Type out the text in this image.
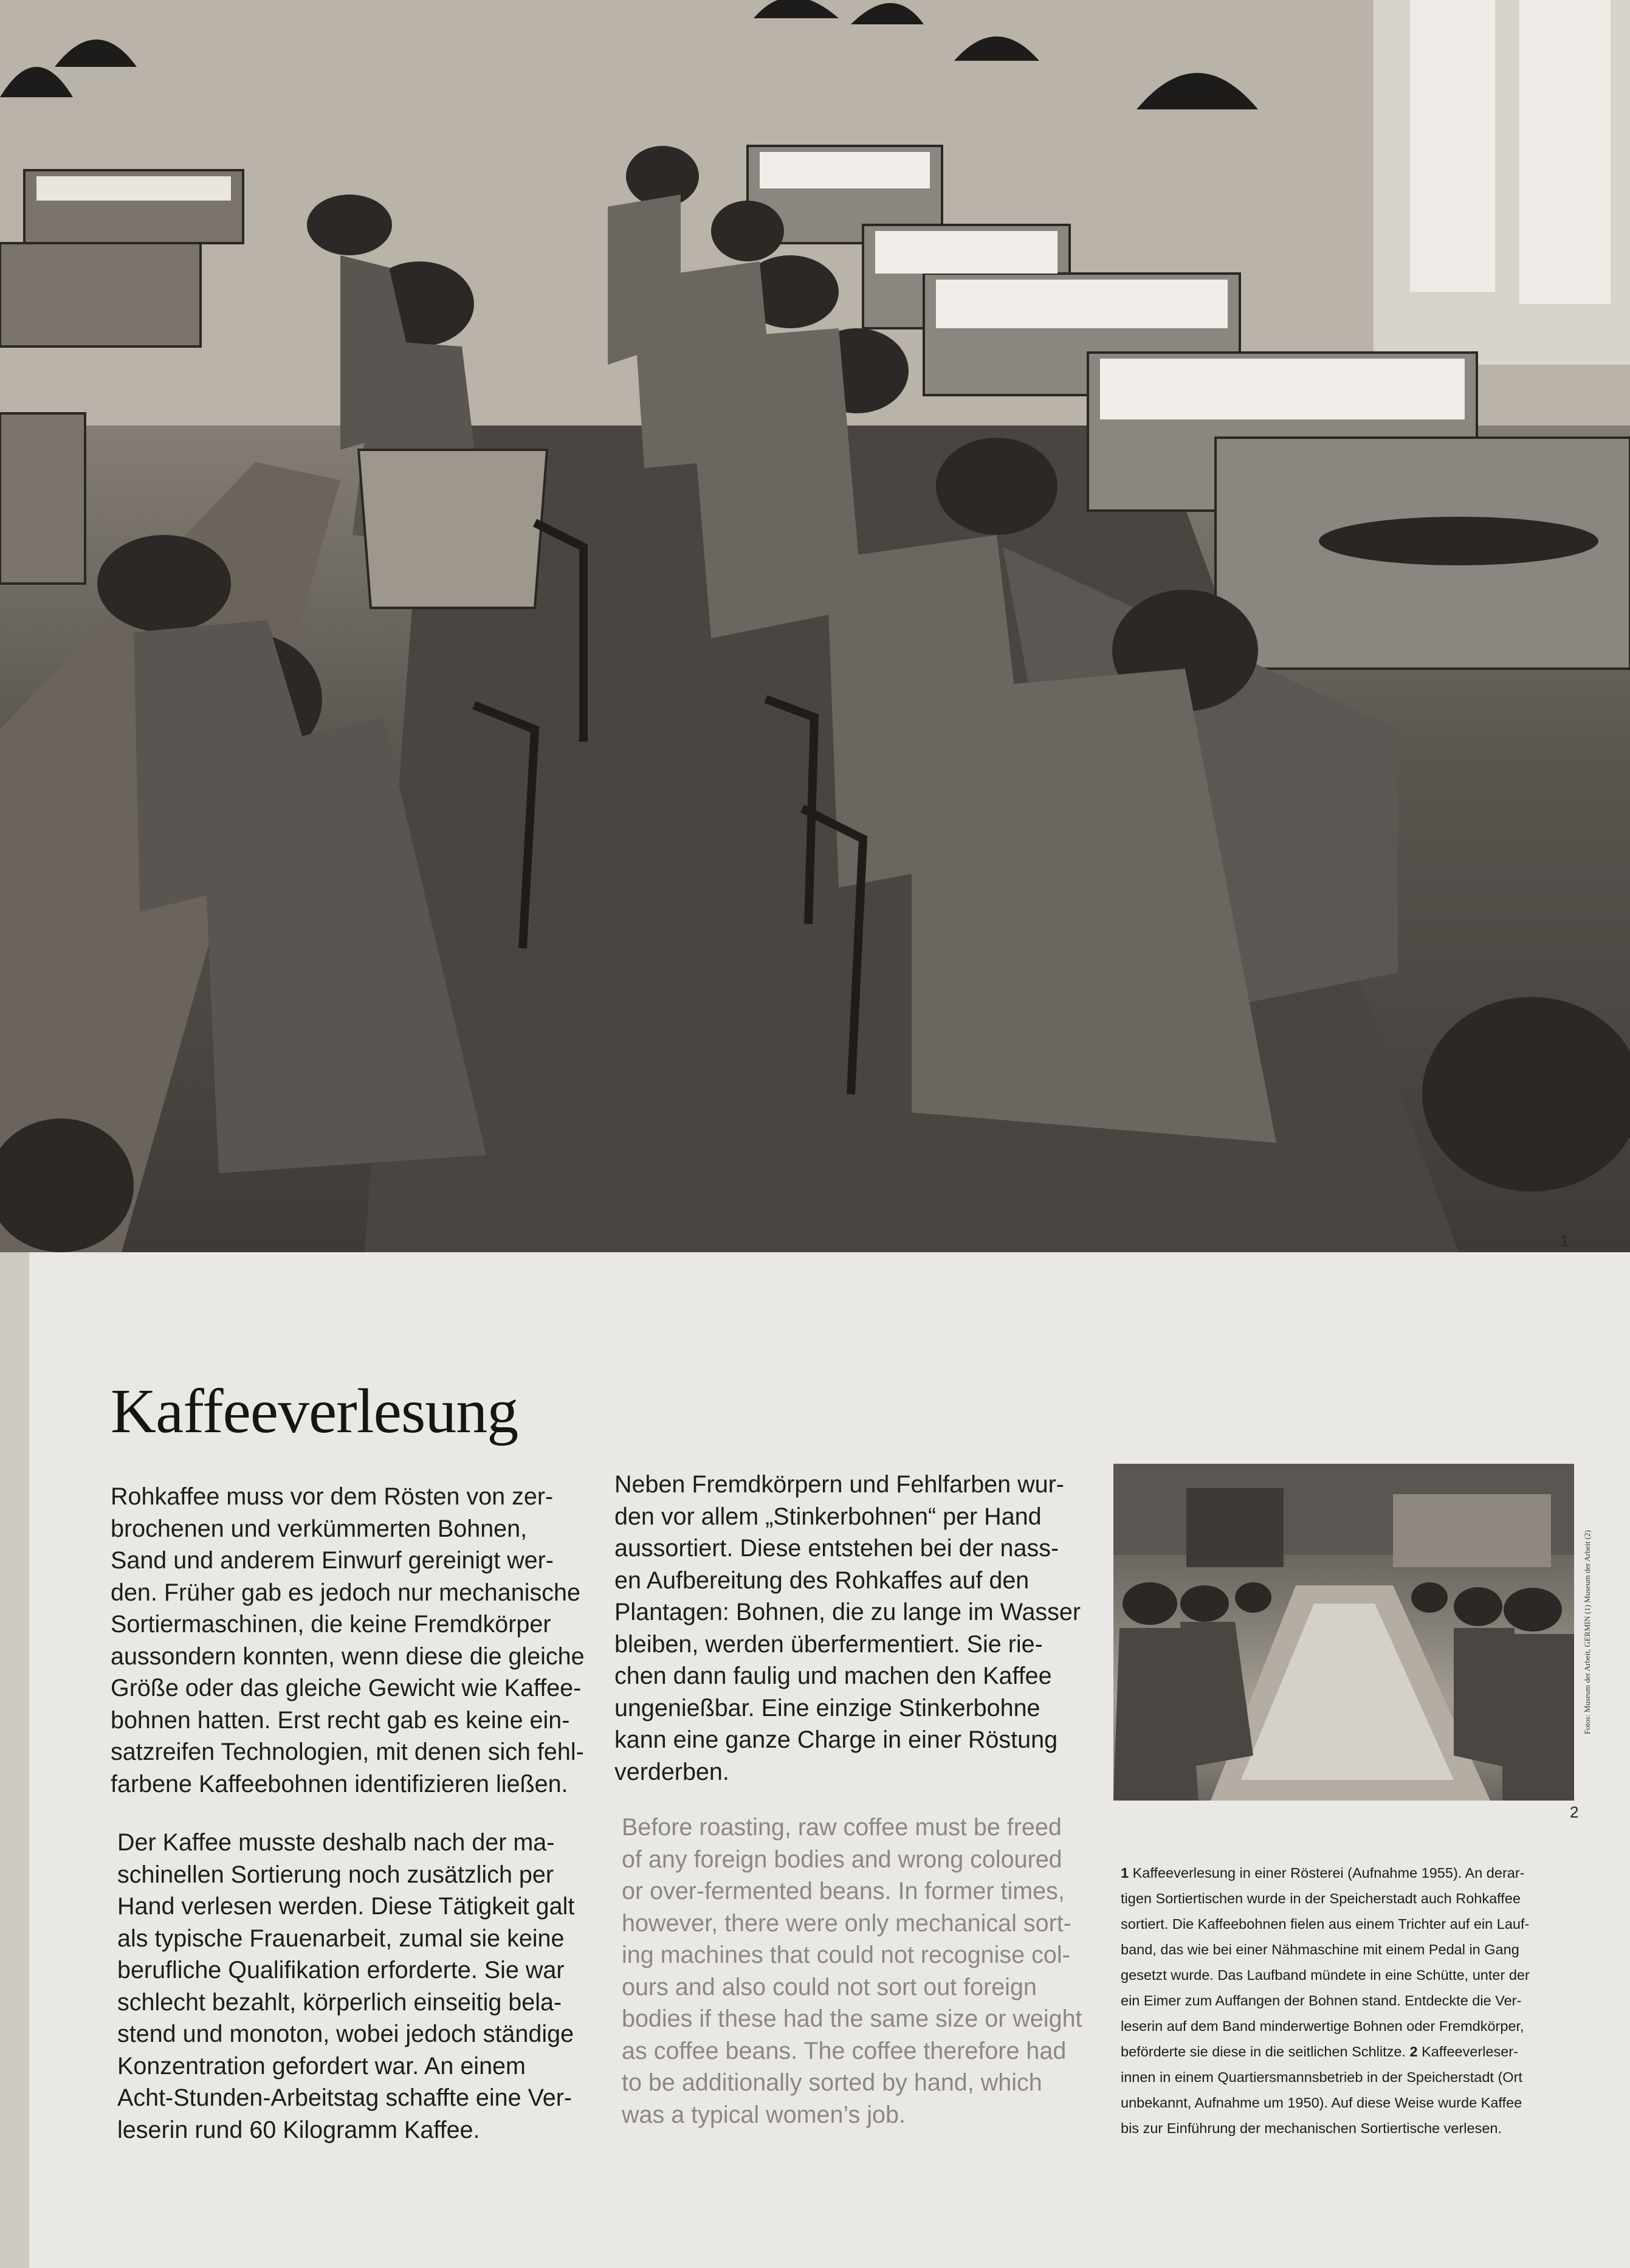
1
Kaffeeverlesung

Rohkaffee muss vor dem Rösten von zer-
brochenen und verkümmerten Bohnen,
Sand und anderem Einwurf gereinigt wer-
den. Früher gab es jedoch nur mechanische
Sortiermaschinen, die keine Fremdkörper
aussondern konnten, wenn diese die gleiche
Größe oder das gleiche Gewicht wie Kaffee-
bohnen hatten. Erst recht gab es keine ein-
satzreifen Technologien, mit denen sich fehl-
farbene Kaffeebohnen identifizieren ließen.

Der Kaffee musste deshalb nach der ma-
schinellen Sortierung noch zusätzlich per
Hand verlesen werden. Diese Tätigkeit galt
als typische Frauenarbeit, zumal sie keine
berufliche Qualifikation erforderte. Sie war
schlecht bezahlt, körperlich einseitig bela-
stend und monoton, wobei jedoch ständige
Konzentration gefordert war. An einem
Acht-Stunden-Arbeitstag schaffte eine Ver-
leserin rund 60 Kilogramm Kaffee.

Neben Fremdkörpern und Fehlfarben wur-
den vor allem „Stinkerbohnen“ per Hand
aussortiert. Diese entstehen bei der nass-
en Aufbereitung des Rohkaffes auf den
Plantagen: Bohnen, die zu lange im Wasser
bleiben, werden überfermentiert. Sie rie-
chen dann faulig und machen den Kaffee
ungenießbar. Eine einzige Stinkerbohne
kann eine ganze Charge in einer Röstung
verderben.

Before roasting, raw coffee must be freed
of any foreign bodies and wrong coloured
or over-fermented beans. In former times,
however, there were only mechanical sort-
ing machines that could not recognise col-
ours and also could not sort out foreign
bodies if these had the same size or weight
as coffee beans. The coffee therefore had
to be additionally sorted by hand, which
was a typical women’s job.

Fotos: Museum der Arbeit, GERMIN (1) Museum der Arbeit (2)
2

1 Kaffeeverlesung in einer Rösterei (Aufnahme 1955). An derar-
tigen Sortiertischen wurde in der Speicherstadt auch Rohkaffee
sortiert. Die Kaffeebohnen fielen aus einem Trichter auf ein Lauf-
band, das wie bei einer Nähmaschine mit einem Pedal in Gang
gesetzt wurde. Das Laufband mündete in eine Schütte, unter der
ein Eimer zum Auffangen der Bohnen stand. Entdeckte die Ver-
leserin auf dem Band minderwertige Bohnen oder Fremdkörper,
beförderte sie diese in die seitlichen Schlitze. 2 Kaffeeverleser-
innen in einem Quartiersmannsbetrieb in der Speicherstadt (Ort
unbekannt, Aufnahme um 1950). Auf diese Weise wurde Kaffee
bis zur Einführung der mechanischen Sortiertische verlesen.
